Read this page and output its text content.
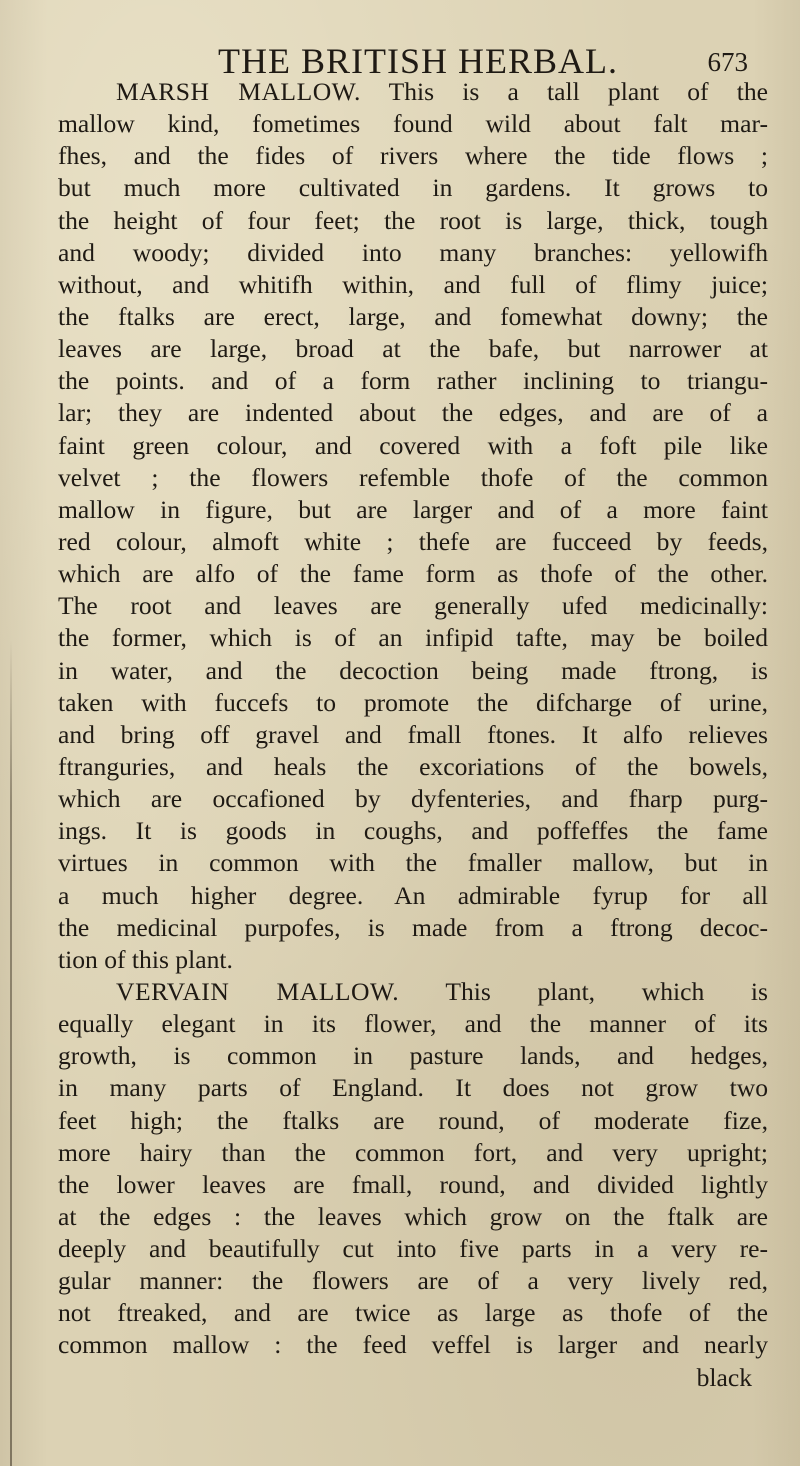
THE BRITISH HERBAL.	673
MARSH MALLOW. This is a tall plant of the
mallow kind, fometimes found wild about falt mar-
fhes, and the fides of rivers where the tide flows ;
but much more cultivated in gardens. It grows to
the height of four feet; the root is large, thick, tough
and woody; divided into many branches: yellowifh
without, and whitifh within, and full of flimy juice;
the ftalks are erect, large, and fomewhat downy; the
leaves are large, broad at the bafe, but narrower at
the points. and of a form rather inclining to triangu-
lar; they are indented about the edges, and are of a
faint green colour, and covered with a foft pile like
velvet ; the flowers refemble thofe of the common
mallow in figure, but are larger and of a more faint
red colour, almoft white ; thefe are fucceed by feeds,
which are alfo of the fame form as thofe of the other.
The root and leaves are generally ufed medicinally:
the former, which is of an infipid tafte, may be boiled
in water, and the decoction being made ftrong, is
taken with fuccefs to promote the difcharge of urine,
and bring off gravel and fmall ftones. It alfo relieves
ftranguries, and heals the excoriations of the bowels,
which are occafioned by dyfenteries, and fharp purg-
ings. It is goods in coughs, and poffeffes the fame
virtues in common with the fmaller mallow, but in
a much higher degree. An admirable fyrup for all
the medicinal purpofes, is made from a ftrong decoc-
tion of this plant.
VERVAIN MALLOW. This plant, which is
equally elegant in its flower, and the manner of its
growth, is common in pasture lands, and hedges,
in many parts of England. It does not grow two
feet high; the ftalks are round, of moderate fize,
more hairy than the common fort, and very upright;
the lower leaves are fmall, round, and divided lightly
at the edges : the leaves which grow on the ftalk are
deeply and beautifully cut into five parts in a very re-
gular manner: the flowers are of a very lively red,
not ftreaked, and are twice as large as thofe of the
common mallow : the feed veffel is larger and nearly
black
